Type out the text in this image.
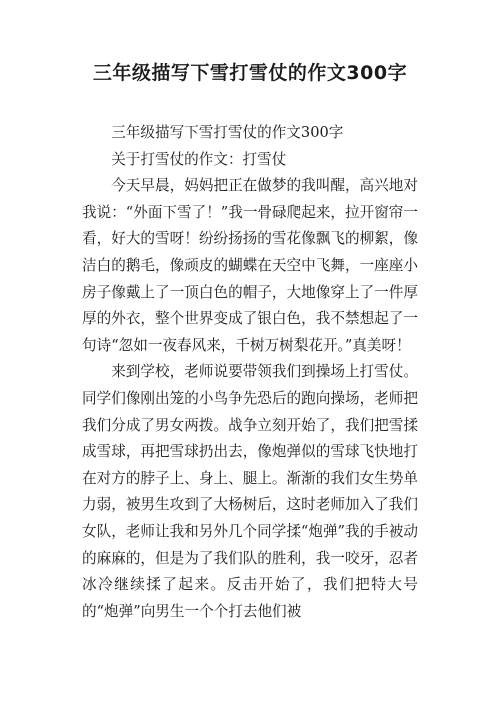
三年级描写下雪打雪仗的作文300字

三年级描写下雪打雪仗的作文300字

关于打雪仗的作文：打雪仗

今天早晨，妈妈把正在做梦的我叫醒，高兴地对我说：“外面下雪了！”我一骨碌爬起来，拉开窗帘一看，好大的雪呀！纷纷扬扬的雪花像飘飞的柳絮，像洁白的鹅毛，像顽皮的蝴蝶在天空中飞舞，一座座小房子像戴上了一顶白色的帽子，大地像穿上了一件厚厚的外衣，整个世界变成了银白色，我不禁想起了一句诗“忽如一夜春风来，千树万树梨花开。”真美呀！

来到学校，老师说要带领我们到操场上打雪仗。同学们像刚出笼的小鸟争先恐后的跑向操场，老师把我们分成了男女两拨。战争立刻开始了，我们把雪揉成雪球，再把雪球扔出去，像炮弹似的雪球飞快地打在对方的脖子上、身上、腿上。渐渐的我们女生势单力弱，被男生攻到了大杨树后，这时老师加入了我们女队，老师让我和另外几个同学揉“炮弹”我的手被动的麻麻的，但是为了我们队的胜利，我一咬牙，忍者冰冷继续揉了起来。反击开始了，我们把特大号的“炮弹”向男生一个个打去他们被
